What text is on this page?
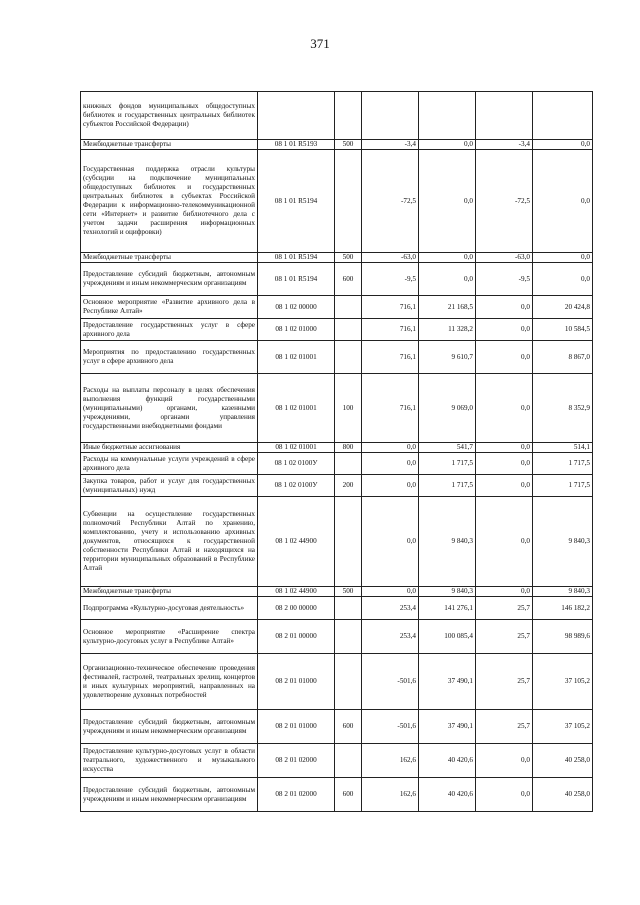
371
книжных фондов муниципальных общедоступных библиотек и государственных центральных библиотек субъектов Российской Федерации)						
Межбюджетные трансферты	08 1 01 R5193	500	-3,4	0,0	-3,4	0,0
Государственная поддержка отрасли культуры (субсидии на подключение муниципальных общедоступных библиотек и государственных центральных библиотек в субъектах Российской Федерации к информационно-телекоммуникационной сети «Интернет» и развитие библиотечного дела с учетом задачи расширения информационных технологий и оцифровки)	08 1 01 R5194		-72,5	0,0	-72,5	0,0
Межбюджетные трансферты	08 1 01 R5194	500	-63,0	0,0	-63,0	0,0
Предоставление субсидий бюджетным, автономным учреждениям и иным некоммерческим организациям	08 1 01 R5194	600	-9,5	0,0	-9,5	0,0
Основное мероприятие «Развитие архивного дела в Республике Алтай»	08 1 02 00000		716,1	21 168,5	0,0	20 424,8
Предоставление государственных услуг в сфере архивного дела	08 1 02 01000		716,1	11 328,2	0,0	10 584,5
Мероприятия по предоставлению государственных услуг в сфере архивного дела	08 1 02 01001		716,1	9 610,7	0,0	8 867,0
Расходы на выплаты персоналу в целях обеспечения выполнения функций государственными (муниципальными) органами, казенными учреждениями, органами управления государственными внебюджетными фондами	08 1 02 01001	100	716,1	9 069,0	0,0	8 352,9
Иные бюджетные ассигнования	08 1 02 01001	800	0,0	541,7	0,0	514,1
Расходы на коммунальные услуги учреждений в сфере архивного дела	08 1 02 0100У		0,0	1 717,5	0,0	1 717,5
Закупка товаров, работ и услуг для государственных (муниципальных) нужд	08 1 02 0100У	200	0,0	1 717,5	0,0	1 717,5
Субвенции на осуществление государственных полномочий Республики Алтай по хранению, комплектованию, учету и использованию архивных документов, относящихся к государственной собственности Республики Алтай и находящихся на территории муниципальных образований в Республике Алтай	08 1 02 44900		0,0	9 840,3	0,0	9 840,3
Межбюджетные трансферты	08 1 02 44900	500	0,0	9 840,3	0,0	9 840,3
Подпрограмма «Культурно-досуговая деятельность»	08 2 00 00000		253,4	141 276,1	25,7	146 182,2
Основное мероприятие «Расширение спектра культурно-досуговых услуг в Республике Алтай»	08 2 01 00000		253,4	100 085,4	25,7	98 989,6
Организационно-техническое обеспечение проведения фестивалей, гастролей, театральных зрелищ, концертов и иных культурных мероприятий, направленных на удовлетворение духовных потребностей	08 2 01 01000		-501,6	37 490,1	25,7	37 105,2
Предоставление субсидий бюджетным, автономным учреждениям и иным некоммерческим организациям	08 2 01 01000	600	-501,6	37 490,1	25,7	37 105,2
Предоставление культурно-досуговых услуг в области театрального, художественного и музыкального искусства	08 2 01 02000		162,6	40 420,6	0,0	40 258,0
Предоставление субсидий бюджетным, автономным учреждениям и иным некоммерческим организациям	08 2 01 02000	600	162,6	40 420,6	0,0	40 258,0
